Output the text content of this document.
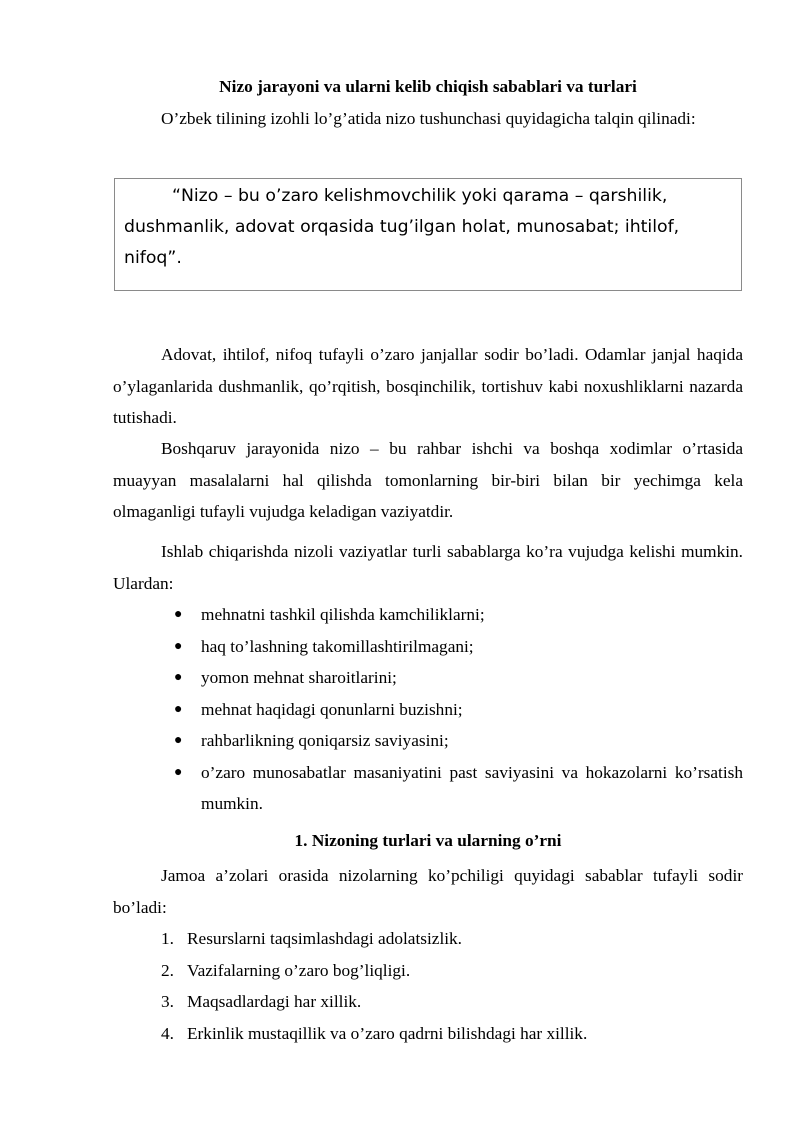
Nizo jarayoni va ularni kelib chiqish sabablari va turlari

O’zbek tilining izohli lo’g’atida nizo tushunchasi quyidagicha talqin qilinadi:

“Nizo – bu o’zaro kelishmovchilik yoki qarama – qarshilik, dushmanlik, adovat orqasida tug’ilgan holat, munosabat; ihtilof, nifoq”.

Adovat, ihtilof, nifoq tufayli o’zaro janjallar sodir bo’ladi. Odamlar janjal haqida o’ylaganlarida dushmanlik, qo’rqitish, bosqinchilik, tortishuv kabi noxushliklarni nazarda tutishadi.

Boshqaruv jarayonida nizo – bu rahbar ishchi va boshqa xodimlar o’rtasida muayyan masalalarni hal qilishda tomonlarning bir-biri bilan bir yechimga kela olmaganligi tufayli vujudga keladigan vaziyatdir.

Ishlab chiqarishda nizoli vaziyatlar turli sabablarga ko’ra vujudga kelishi mumkin. Ulardan:

● mehnatni tashkil qilishda kamchiliklarni;
● haq to’lashning takomillashtirilmagani;
● yomon mehnat sharoitlarini;
● mehnat haqidagi qonunlarni buzishni;
● rahbarlikning qoniqarsiz saviyasini;
● o’zaro munosabatlar masaniyatini past saviyasini va hokazolarni ko’rsatish mumkin.
1. Nizoning turlari va ularning o’rni

Jamoa a’zolari orasida nizolarning ko’pchiligi quyidagi sabablar tufayli sodir bo’ladi:

1. Resurslarni taqsimlashdagi adolatsizlik.
2. Vazifalarning o’zaro bog’liqligi.
3. Maqsadlardagi har xillik.
4. Erkinlik mustaqillik va o’zaro qadrni bilishdagi har xillik.
